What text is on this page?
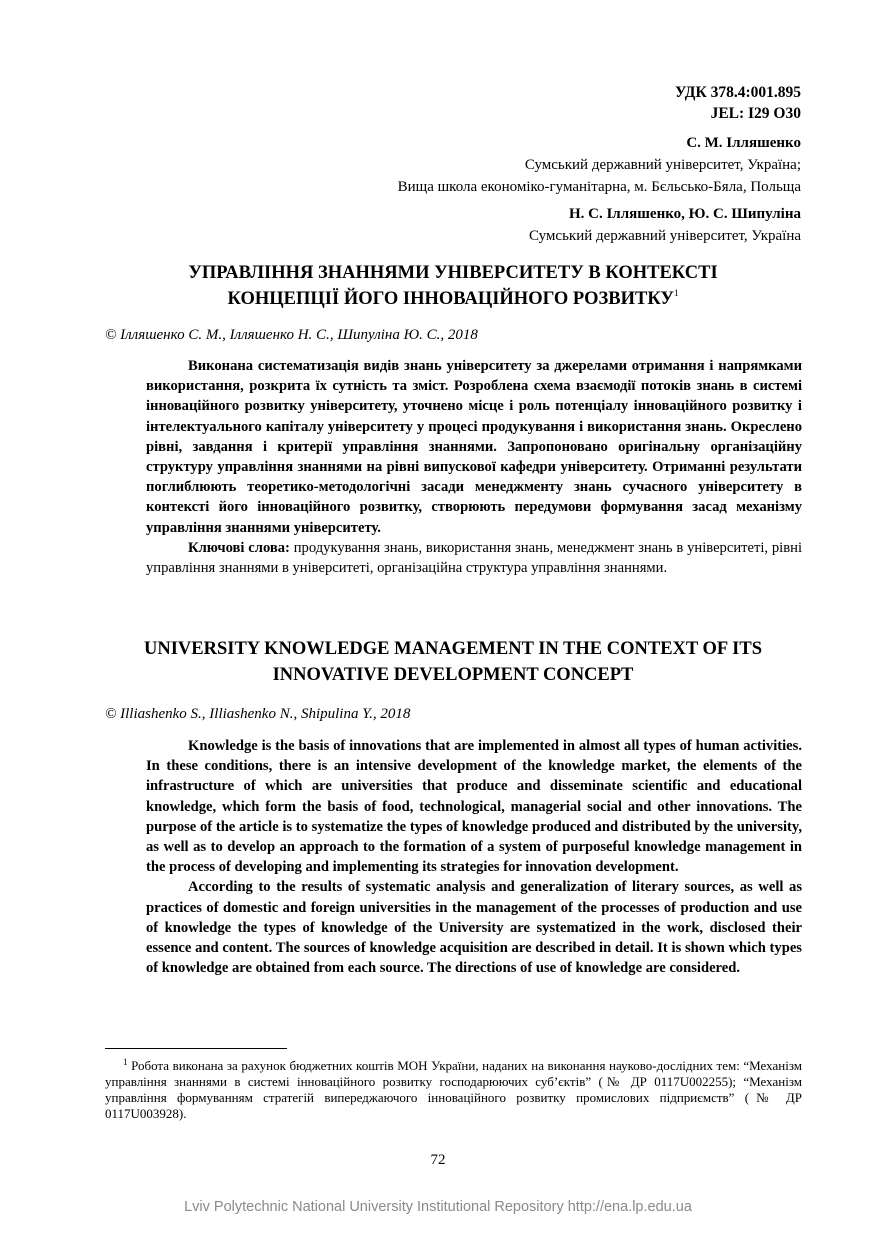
УДК 378.4:001.895
JEL: I29 O30
С. М. Ілляшенко
Сумський державний університет, Україна;
Вища школа економіко-гуманітарна, м. Бєльсько-Бяла, Польща
Н. С. Ілляшенко, Ю. С. Шипуліна
Сумський державний університет, Україна
УПРАВЛІННЯ ЗНАННЯМИ УНІВЕРСИТЕТУ В КОНТЕКСТІ
КОНЦЕПЦІЇ ЙОГО ІННОВАЦІЙНОГО РОЗВИТКУ$^1$
© Ілляшенко С. М., Ілляшенко Н. С., Шипуліна Ю. С., 2018

Виконана систематизація видів знань університету за джерелами отримання і напрямками використання, розкрита їх сутність та зміст. Розроблена схема взаємодії потоків знань в системі інноваційного розвитку університету, уточнено місце і роль потенціалу інноваційного розвитку і інтелектуального капіталу університету у процесі продукування і використання знань. Окреслено рівні, завдання і критерії управління знаннями. Запропоновано оригінальну організаційну структуру управління знаннями на рівні випускової кафедри університету. Отриманні результати поглиблюють теоретико-методологічні засади менеджменту знань сучасного університету в контексті його інноваційного розвитку, створюють передумови формування засад механізму управління знаннями університету.

Ключові слова: продукування знань, використання знань, менеджмент знань в університеті, рівні управління знаннями в університеті, організаційна структура управління знаннями.

UNIVERSITY KNOWLEDGE MANAGEMENT IN THE CONTEXT OF ITS
INNOVATIVE DEVELOPMENT CONCEPT
© Illiashenko S., Illiashenko N., Shipulina Y., 2018

Knowledge is the basis of innovations that are implemented in almost all types of human activities. In these conditions, there is an intensive development of the knowledge market, the elements of the infrastructure of which are universities that produce and disseminate scientific and educational knowledge, which form the basis of food, technological, managerial social and other innovations. The purpose of the article is to systematize the types of knowledge produced and distributed by the university, as well as to develop an approach to the formation of a system of purposeful knowledge management in the process of developing and implementing its strategies for innovation development.

According to the results of systematic analysis and generalization of literary sources, as well as practices of domestic and foreign universities in the management of the processes of production and use of knowledge the types of knowledge of the University are systematized in the work, disclosed their essence and content. The sources of knowledge acquisition are described in detail. It is shown which types of knowledge are obtained from each source. The directions of use of knowledge are considered.

$^1$ Робота виконана за рахунок бюджетних коштів МОН України, наданих на виконання науково-дослідних тем: “Механізм управління знаннями в системі інноваційного розвитку господарюючих суб’єктів” (№ ДР 0117U002255); “Механізм управління формуванням стратегій випереджаючого інноваційного розвитку промислових підприємств” (№ ДР 0117U003928).
72
Lviv Polytechnic National University Institutional Repository http://ena.lp.edu.ua
